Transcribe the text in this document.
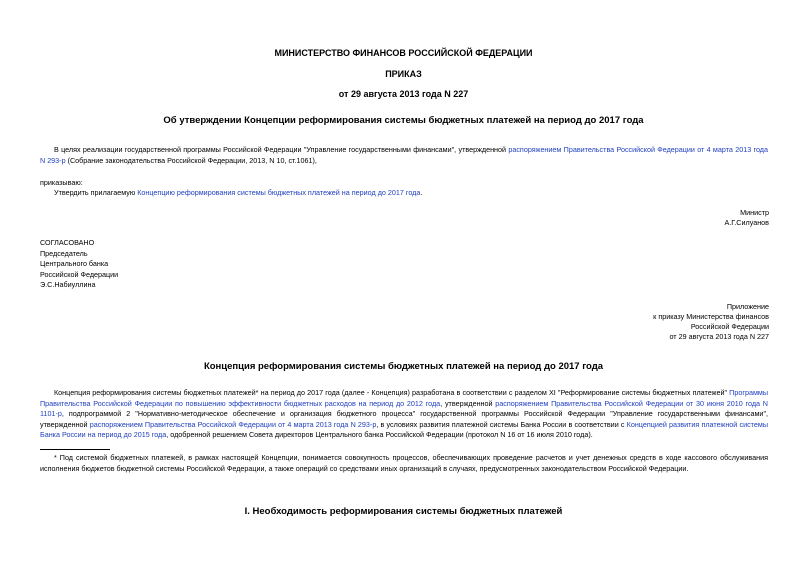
МИНИСТЕРСТВО ФИНАНСОВ РОССИЙСКОЙ ФЕДЕРАЦИИ
ПРИКАЗ
от 29 августа 2013 года N 227
Об утверждении Концепции реформирования системы бюджетных платежей на период до 2017 года
В целях реализации государственной программы Российской Федерации "Управление государственными финансами", утвержденной распоряжением Правительства Российской Федерации от 4 марта 2013 года N 293-р (Собрание законодательства Российской Федерации, 2013, N 10, ст.1061),
приказываю:
Утвердить прилагаемую Концепцию реформирования системы бюджетных платежей на период до 2017 года.
Министр
А.Г.Силуанов
СОГЛАСОВАНО
Председатель
Центрального банка
Российской Федерации
Э.С.Набиуллина
Приложение
к приказу Министерства финансов
Российской Федерации
от 29 августа 2013 года N 227
Концепция реформирования системы бюджетных платежей на период до 2017 года
Концепция реформирования системы бюджетных платежей* на период до 2017 года (далее - Концепция) разработана в соответствии с разделом XI "Реформирование системы бюджетных платежей" Программы Правительства Российской Федерации по повышению эффективности бюджетных расходов на период до 2012 года, утвержденной распоряжением Правительства Российской Федерации от 30 июня 2010 года N 1101-р, подпрограммой 2 "Нормативно-методическое обеспечение и организация бюджетного процесса" государственной программы Российской Федерации "Управление государственными финансами", утвержденной распоряжением Правительства Российской Федерации от 4 марта 2013 года N 293-р, в условиях развития платежной системы Банка России в соответствии с Концепцией развития платежной системы Банка России на период до 2015 года, одобренной решением Совета директоров Центрального банка Российской Федерации (протокол N 16 от 16 июля 2010 года).
* Под системой бюджетных платежей, в рамках настоящей Концепции, понимается совокупность процессов, обеспечивающих проведение расчетов и учет денежных средств в ходе кассового обслуживания исполнения бюджетов бюджетной системы Российской Федерации, а также операций со средствами иных организаций в случаях, предусмотренных законодательством Российской Федерации.
I. Необходимость реформирования системы бюджетных платежей
